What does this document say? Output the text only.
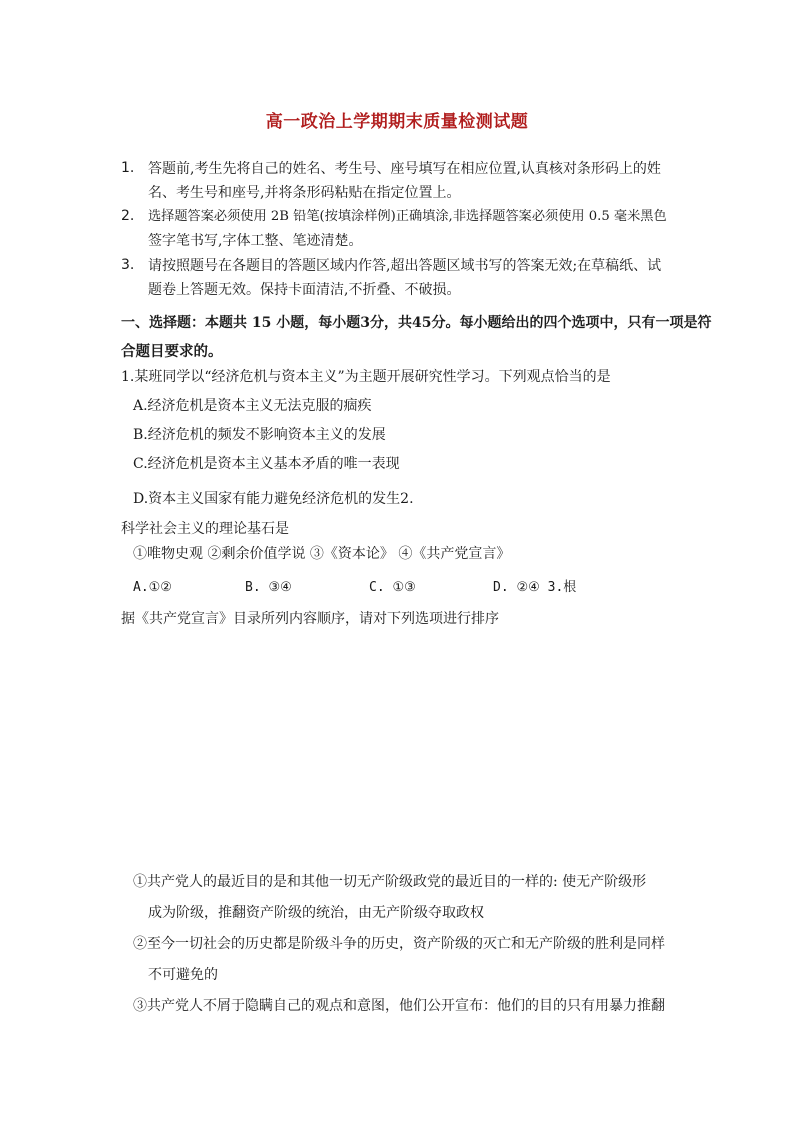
高一政治上学期期末质量检测试题
1. 答题前,考生先将自己的姓名、考生号、座号填写在相应位置,认真核对条形码上的姓
名、考生号和座号,并将条形码粘贴在指定位置上。
2. 选择题答案必须使用 2B 铅笔(按填涂样例)正确填涂,非选择题答案必须使用 0.5 毫米黑色
签字笔书写,字体工整、笔迹清楚。
3. 请按照题号在各题目的答题区域内作答,超出答题区域书写的答案无效;在草稿纸、试
题卷上答题无效。保持卡面清洁,不折叠、不破损。
一、选择题：本题共 15 小题，每小题3分，共45分。每小题给出的四个选项中，只有一项是符
合题目要求的。
1.某班同学以“经济危机与资本主义”为主题开展研究性学习。下列观点恰当的是
A.经济危机是资本主义无法克服的痼疾
B.经济危机的频发不影响资本主义的发展
C.经济危机是资本主义基本矛盾的唯一表现
D.资本主义国家有能力避免经济危机的发生2.
科学社会主义的理论基石是
①唯物史观 ②剩余价值学说 ③《资本论》 ④《共产党宣言》
A.①②	B. ③④	C. ①③	D. ②④ 3.根
据《共产党宣言》目录所列内容顺序，请对下列选项进行排序
①共产党人的最近目的是和其他一切无产阶级政党的最近目的一样的: 使无产阶级形
成为阶级，推翻资产阶级的统治，由无产阶级夺取政权
②至今一切社会的历史都是阶级斗争的历史，资产阶级的灭亡和无产阶级的胜利是同样
不可避免的
③共产党人不屑于隐瞒自己的观点和意图，他们公开宣布：他们的目的只有用暴力推翻
